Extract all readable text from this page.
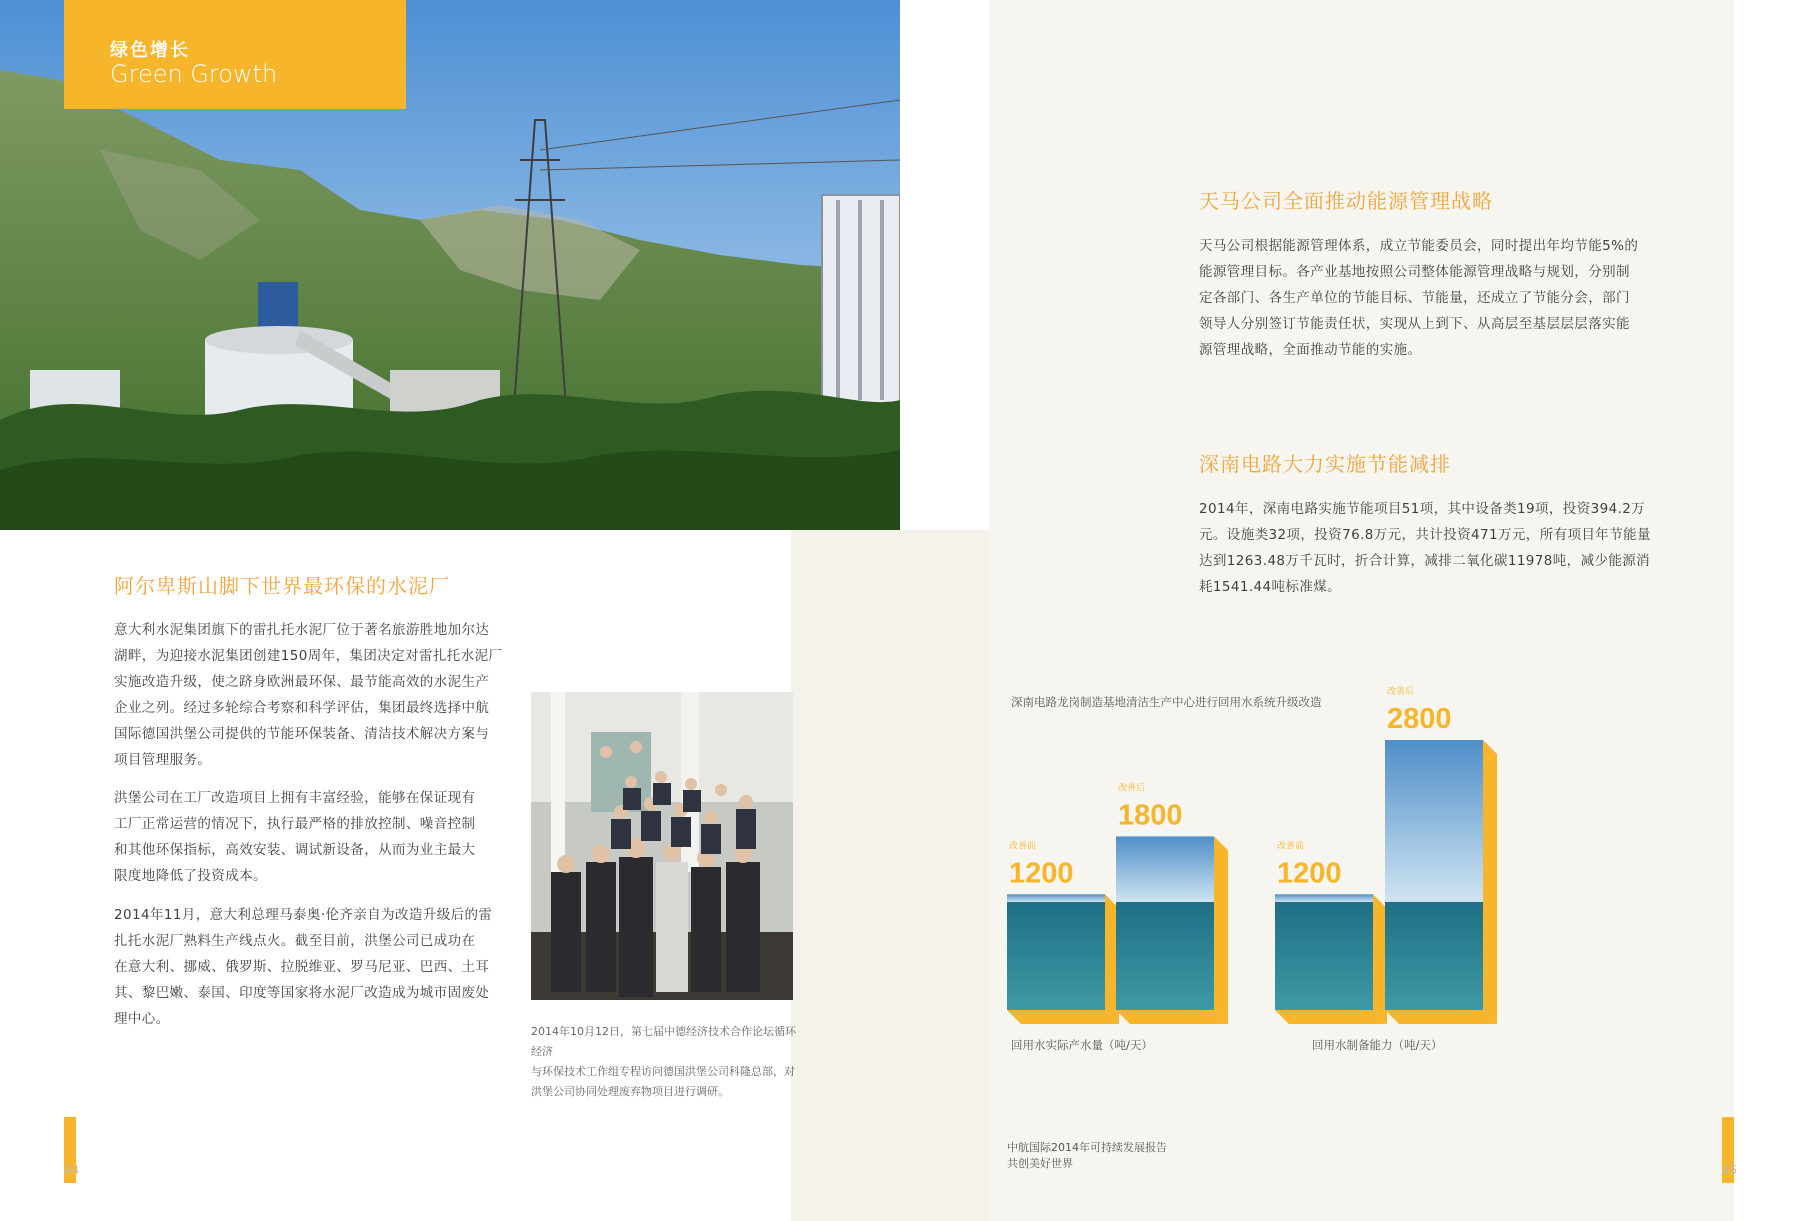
绿色增长
Green Growth
阿尔卑斯山脚下世界最环保的水泥厂
意大利水泥集团旗下的雷扎托水泥厂位于著名旅游胜地加尔达
湖畔，为迎接水泥集团创建150周年，集团决定对雷扎托水泥厂
实施改造升级，使之跻身欧洲最环保、最节能高效的水泥生产
企业之列。经过多轮综合考察和科学评估，集团最终选择中航
国际德国洪堡公司提供的节能环保装备、清洁技术解决方案与
项目管理服务。
洪堡公司在工厂改造项目上拥有丰富经验，能够在保证现有
工厂正常运营的情况下，执行最严格的排放控制、噪音控制
和其他环保指标，高效安装、调试新设备，从而为业主最大
限度地降低了投资成本。
2014年11月，意大利总理马泰奥·伦齐亲自为改造升级后的雷
扎托水泥厂熟料生产线点火。截至目前，洪堡公司已成功在
在意大利、挪威、俄罗斯、拉脱维亚、罗马尼亚、巴西、土耳
其、黎巴嫩、泰国、印度等国家将水泥厂改造成为城市固废处
理中心。
2014年10月12日，第七届中德经济技术合作论坛循环经济
与环保技术工作组专程访问德国洪堡公司科隆总部，对
洪堡公司协同处理废弃物项目进行调研。
44
天马公司全面推动能源管理战略
天马公司根据能源管理体系，成立节能委员会，同时提出年均节能5%的
能源管理目标。各产业基地按照公司整体能源管理战略与规划，分别制
定各部门、各生产单位的节能目标、节能量，还成立了节能分会，部门
领导人分别签订节能责任状，实现从上到下、从高层至基层层层落实能
源管理战略，全面推动节能的实施。
深南电路大力实施节能减排
2014年，深南电路实施节能项目51项，其中设备类19项，投资394.2万
元。设施类32项，投资76.8万元，共计投资471万元，所有项目年节能量
达到1263.48万千瓦时，折合计算，减排二氧化碳11978吨，减少能源消
耗1541.44吨标准煤。
深南电路龙岗制造基地清洁生产中心进行回用水系统升级改造
1200
改善前
1800
改善后
1200
改善前
2800
改善后
回用水实际产水量（吨/天）	回用水制备能力（吨/天）
中航国际2014年可持续发展报告
共创美好世界	45
